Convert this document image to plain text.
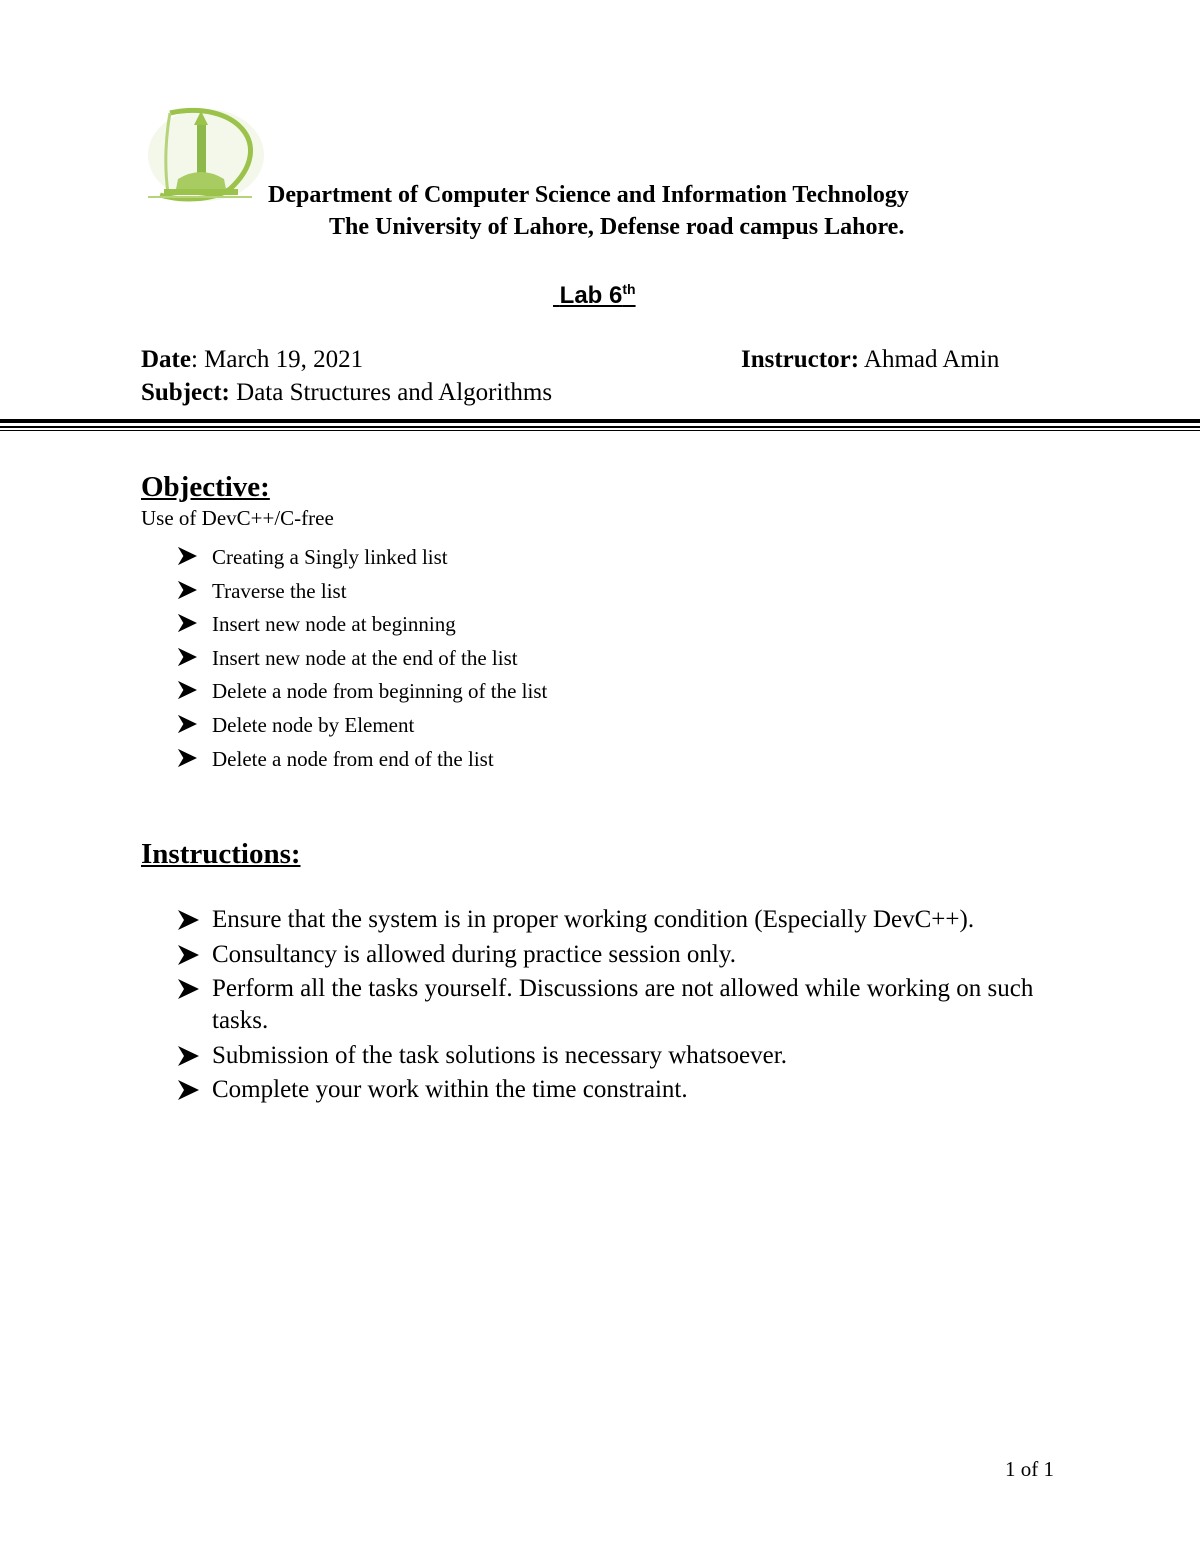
Department of Computer Science and Information Technology
The University of Lahore, Defense road campus Lahore.
Lab 6th
Date: March 19, 2021
Subject: Data Structures and Algorithms
Instructor: Ahmad Amin
Objective:
Use of DevC++/C-free
Creating a Singly linked list
Traverse the list
Insert new node at beginning
Insert new node at the end of the list
Delete a node from beginning of the list
Delete node by Element
Delete a node from end of the list
Instructions:
Ensure that the system is in proper working condition (Especially DevC++).
Consultancy is allowed during practice session only.
Perform all the tasks yourself. Discussions are not allowed while working on such tasks.
Submission of the task solutions is necessary whatsoever.
Complete your work within the time constraint.
1 of 1
